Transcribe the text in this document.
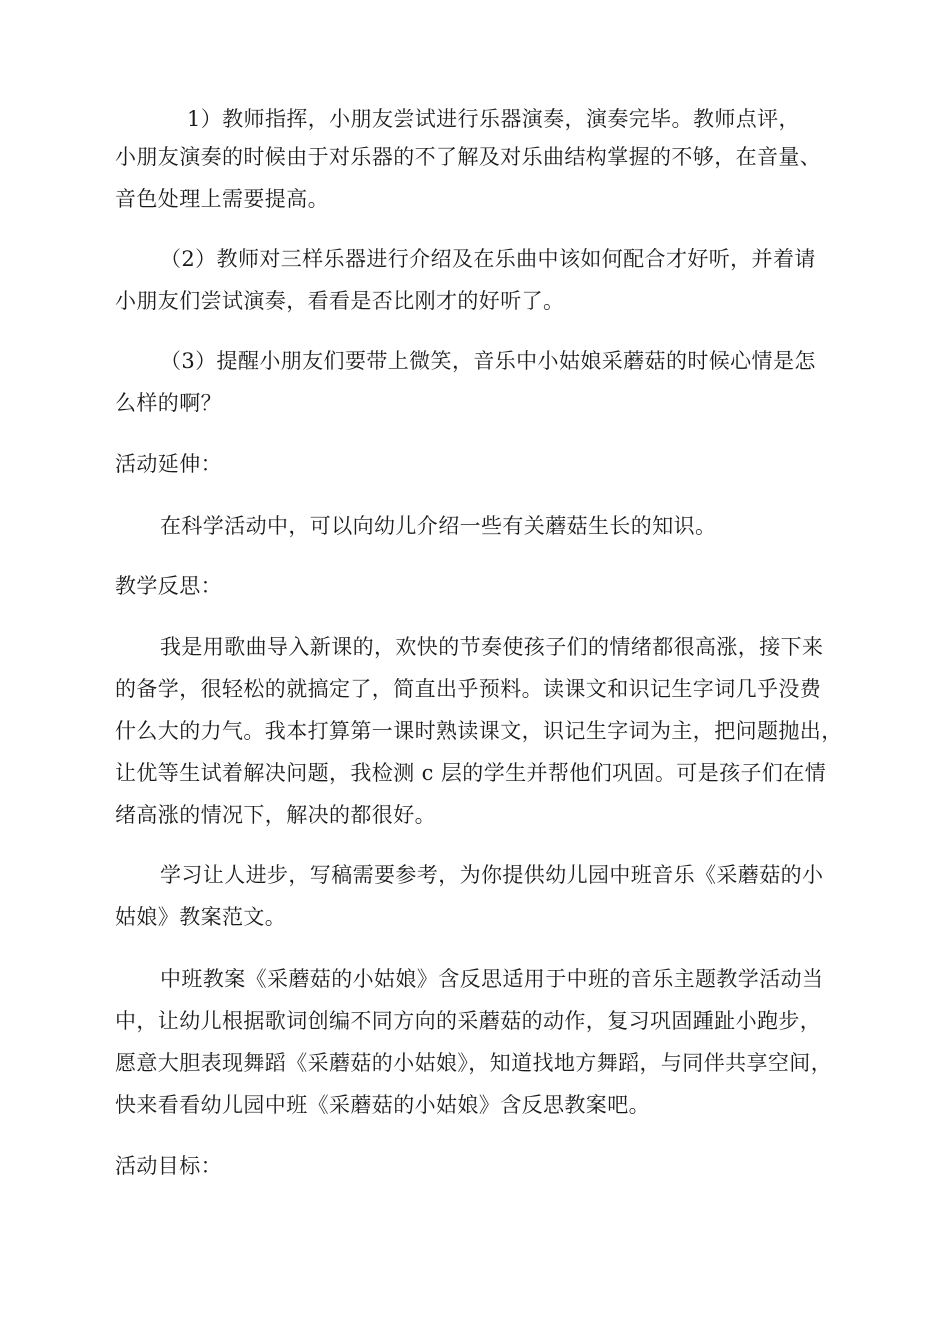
1）教师指挥，小朋友尝试进行乐器演奏，演奏完毕。教师点评，
小朋友演奏的时候由于对乐器的不了解及对乐曲结构掌握的不够，在音量、
音色处理上需要提高。
（2）教师对三样乐器进行介绍及在乐曲中该如何配合才好听，并着请
小朋友们尝试演奏，看看是否比刚才的好听了。
（3）提醒小朋友们要带上微笑，音乐中小姑娘采蘑菇的时候心情是怎
么样的啊？
活动延伸：
在科学活动中，可以向幼儿介绍一些有关蘑菇生长的知识。
教学反思：
我是用歌曲导入新课的，欢快的节奏使孩子们的情绪都很高涨，接下来
的备学，很轻松的就搞定了，简直出乎预料。读课文和识记生字词几乎没费
什么大的力气。我本打算第一课时熟读课文，识记生字词为主，把问题抛出，
让优等生试着解决问题，我检测 c 层的学生并帮他们巩固。可是孩子们在情
绪高涨的情况下，解决的都很好。
学习让人进步，写稿需要参考，为你提供幼儿园中班音乐《采蘑菇的小
姑娘》教案范文。
中班教案《采蘑菇的小姑娘》含反思适用于中班的音乐主题教学活动当
中，让幼儿根据歌词创编不同方向的采蘑菇的动作，复习巩固踵趾小跑步，
愿意大胆表现舞蹈《采蘑菇的小姑娘》，知道找地方舞蹈，与同伴共享空间，
快来看看幼儿园中班《采蘑菇的小姑娘》含反思教案吧。
活动目标：
